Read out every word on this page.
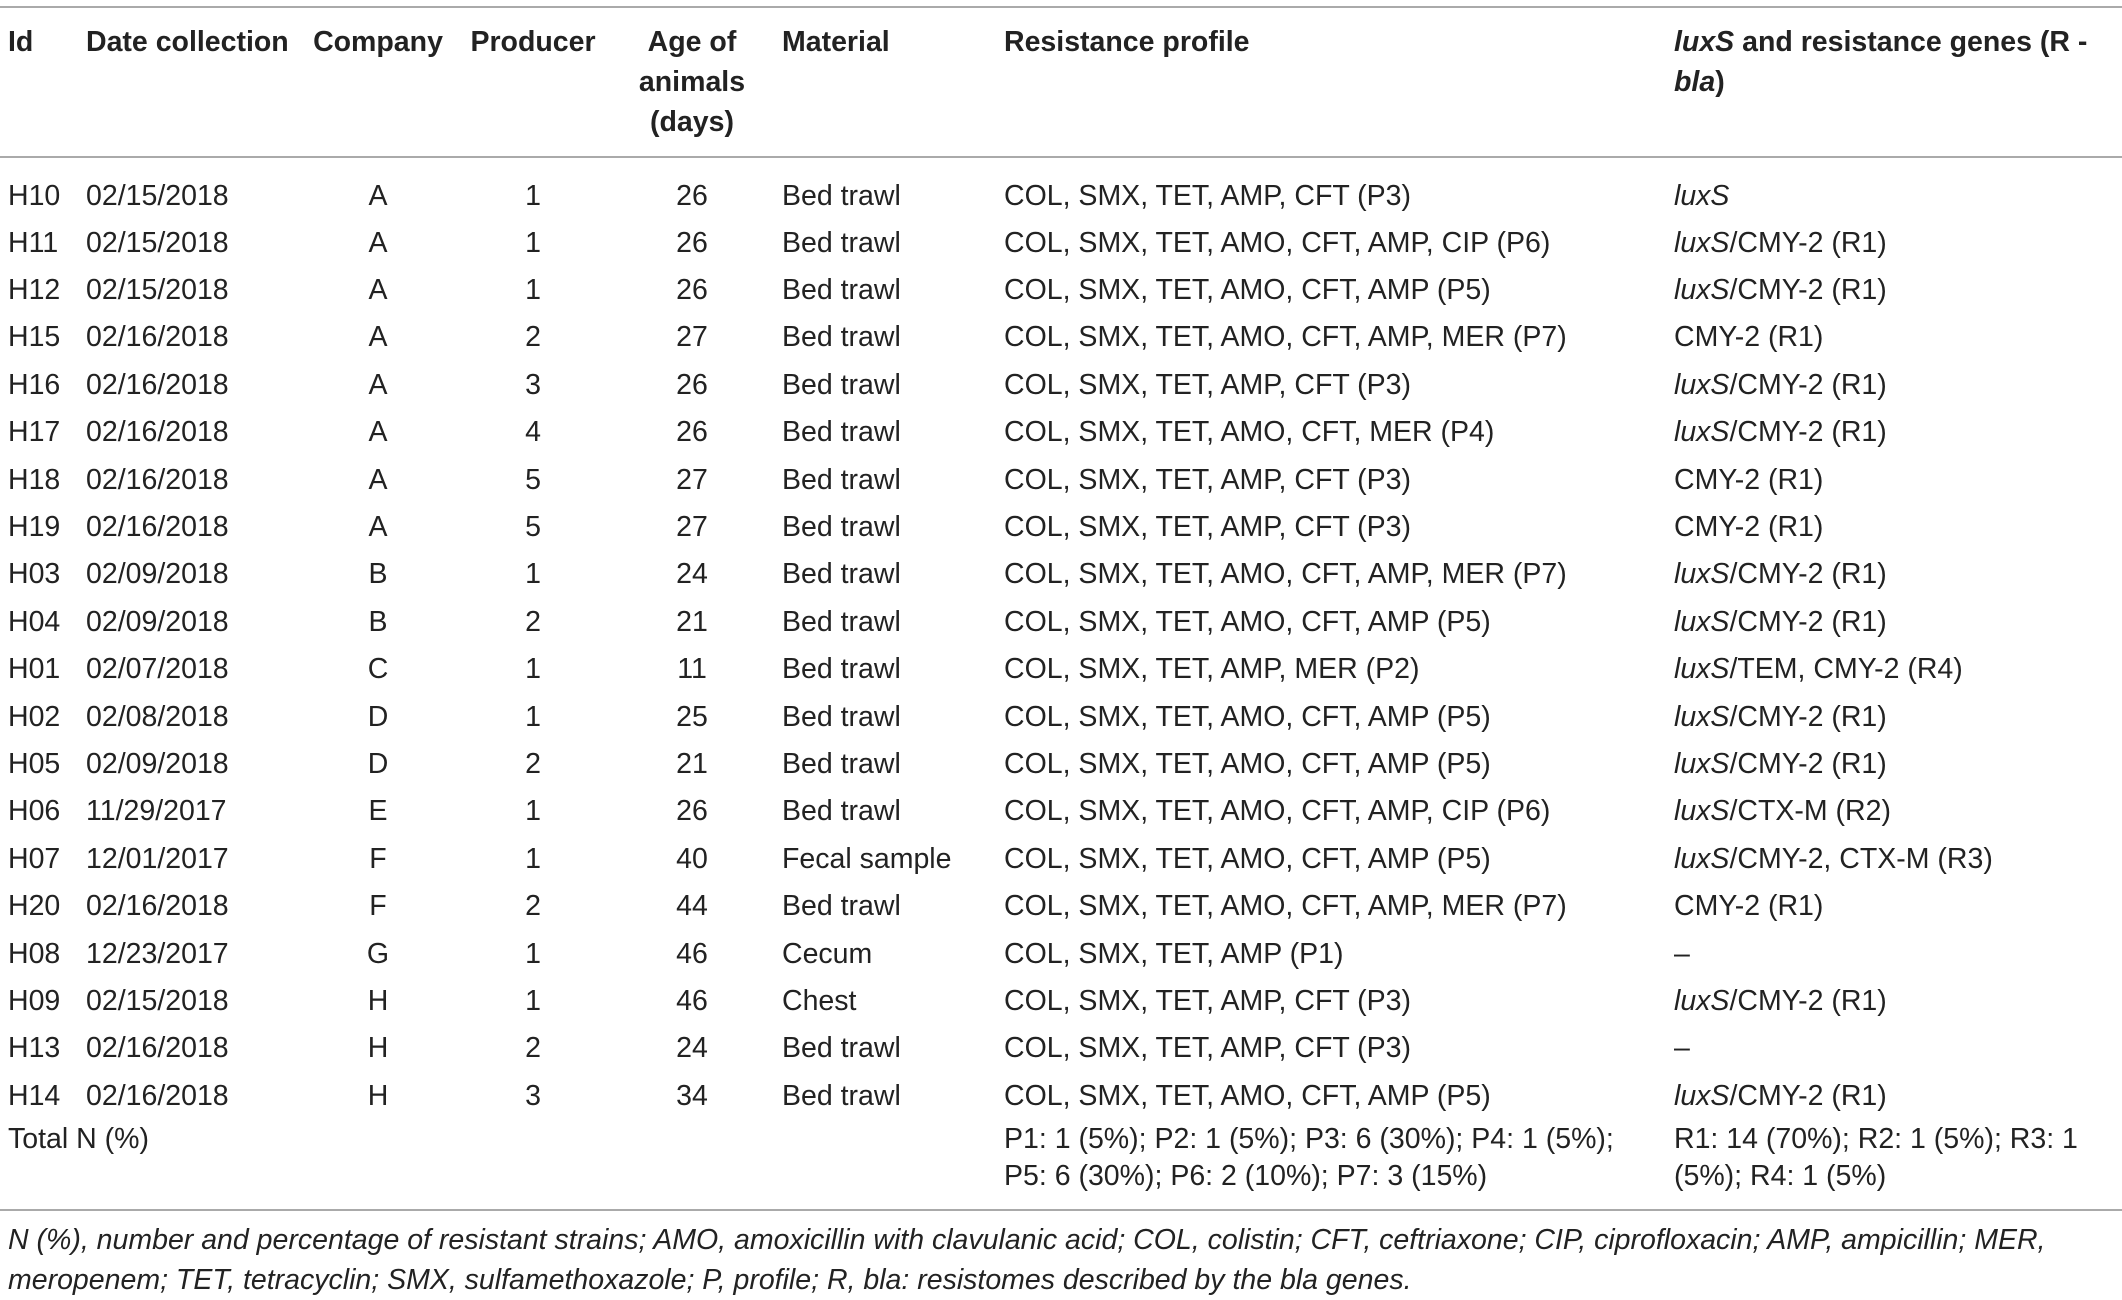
Id	Date collection	Company	Producer	Age of animals (days)	Material	Resistance profile	luxS and resistance genes (R - bla)
H10	02/15/2018	A	1	26	Bed trawl	COL, SMX, TET, AMP, CFT (P3)	luxS
H11	02/15/2018	A	1	26	Bed trawl	COL, SMX, TET, AMO, CFT, AMP, CIP (P6)	luxS/CMY-2 (R1)
H12	02/15/2018	A	1	26	Bed trawl	COL, SMX, TET, AMO, CFT, AMP (P5)	luxS/CMY-2 (R1)
H15	02/16/2018	A	2	27	Bed trawl	COL, SMX, TET, AMO, CFT, AMP, MER (P7)	CMY-2 (R1)
H16	02/16/2018	A	3	26	Bed trawl	COL, SMX, TET, AMP, CFT (P3)	luxS/CMY-2 (R1)
H17	02/16/2018	A	4	26	Bed trawl	COL, SMX, TET, AMO, CFT, MER (P4)	luxS/CMY-2 (R1)
H18	02/16/2018	A	5	27	Bed trawl	COL, SMX, TET, AMP, CFT (P3)	CMY-2 (R1)
H19	02/16/2018	A	5	27	Bed trawl	COL, SMX, TET, AMP, CFT (P3)	CMY-2 (R1)
H03	02/09/2018	B	1	24	Bed trawl	COL, SMX, TET, AMO, CFT, AMP, MER (P7)	luxS/CMY-2 (R1)
H04	02/09/2018	B	2	21	Bed trawl	COL, SMX, TET, AMO, CFT, AMP (P5)	luxS/CMY-2 (R1)
H01	02/07/2018	C	1	11	Bed trawl	COL, SMX, TET, AMP, MER (P2)	luxS/TEM, CMY-2 (R4)
H02	02/08/2018	D	1	25	Bed trawl	COL, SMX, TET, AMO, CFT, AMP (P5)	luxS/CMY-2 (R1)
H05	02/09/2018	D	2	21	Bed trawl	COL, SMX, TET, AMO, CFT, AMP (P5)	luxS/CMY-2 (R1)
H06	11/29/2017	E	1	26	Bed trawl	COL, SMX, TET, AMO, CFT, AMP, CIP (P6)	luxS/CTX-M (R2)
H07	12/01/2017	F	1	40	Fecal sample	COL, SMX, TET, AMO, CFT, AMP (P5)	luxS/CMY-2, CTX-M (R3)
H20	02/16/2018	F	2	44	Bed trawl	COL, SMX, TET, AMO, CFT, AMP, MER (P7)	CMY-2 (R1)
H08	12/23/2017	G	1	46	Cecum	COL, SMX, TET, AMP (P1)	–
H09	02/15/2018	H	1	46	Chest	COL, SMX, TET, AMP, CFT (P3)	luxS/CMY-2 (R1)
H13	02/16/2018	H	2	24	Bed trawl	COL, SMX, TET, AMP, CFT (P3)	–
H14	02/16/2018	H	3	34	Bed trawl	COL, SMX, TET, AMO, CFT, AMP (P5)	luxS/CMY-2 (R1)
Total N (%)						P1: 1 (5%); P2: 1 (5%); P3: 6 (30%); P4: 1 (5%); P5: 6 (30%); P6: 2 (10%); P7: 3 (15%)	R1: 14 (70%); R2: 1 (5%); R3: 1 (5%); R4: 1 (5%)
N (%), number and percentage of resistant strains; AMO, amoxicillin with clavulanic acid; COL, colistin; CFT, ceftriaxone; CIP, ciprofloxacin; AMP, ampicillin; MER, meropenem; TET, tetracyclin; SMX, sulfamethoxazole; P, profile; R, bla: resistomes described by the bla genes.
